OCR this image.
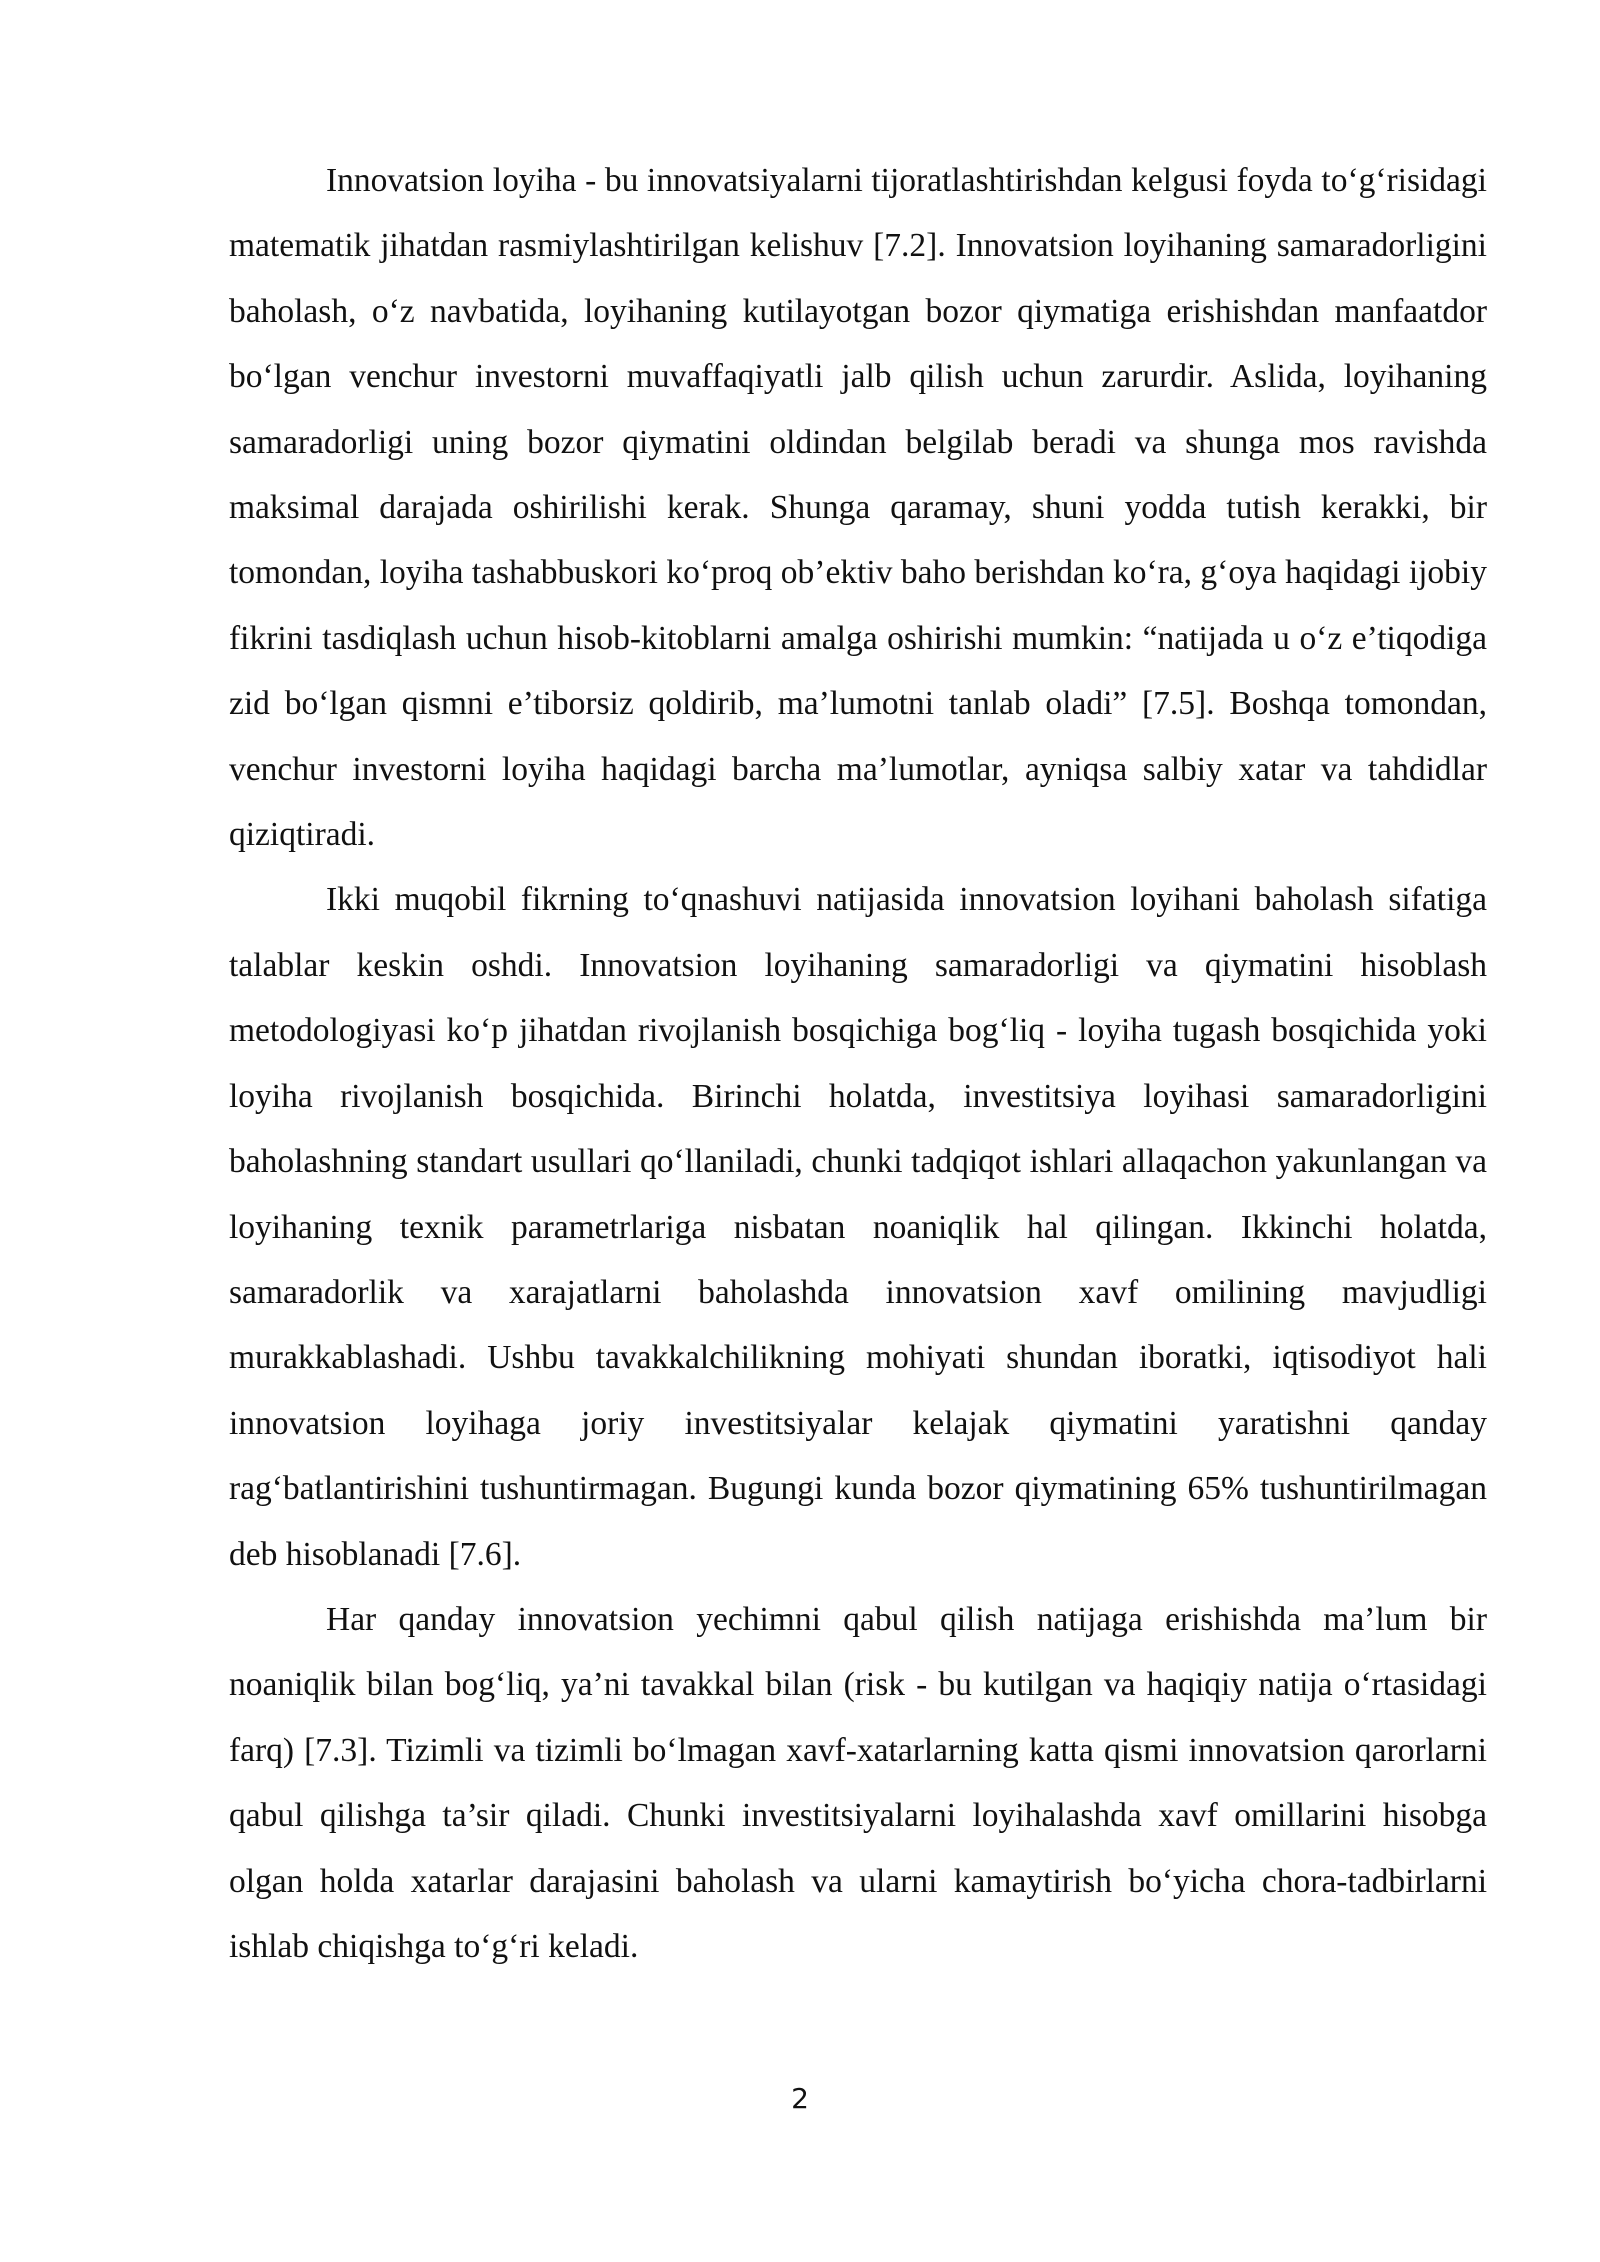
Innovatsion loyiha - bu innovatsiyalarni tijoratlashtirishdan kelgusi foyda to‘g‘risidagi matematik jihatdan rasmiylashtirilgan kelishuv [7.2]. Innovatsion loyihaning samaradorligini baholash, o‘z navbatida, loyihaning kutilayotgan bozor qiymatiga erishishdan manfaatdor bo‘lgan venchur investorni muvaffaqiyatli jalb qilish uchun zarurdir. Aslida, loyihaning samaradorligi uning bozor qiymatini oldindan belgilab beradi va shunga mos ravishda maksimal darajada oshirilishi kerak. Shunga qaramay, shuni yodda tutish kerakki, bir tomondan, loyiha tashabbuskori ko‘proq ob’ektiv baho berishdan ko‘ra, g‘oya haqidagi ijobiy fikrini tasdiqlash uchun hisob-kitoblarni amalga oshirishi mumkin: “natijada u o‘z e’tiqodiga zid bo‘lgan qismni e’tiborsiz qoldirib, ma’lumotni tanlab oladi” [7.5]. Boshqa tomondan, venchur investorni loyiha haqidagi barcha ma’lumotlar, ayniqsa salbiy xatar va tahdidlar qiziqtiradi.

Ikki muqobil fikrning to‘qnashuvi natijasida innovatsion loyihani baholash sifatiga talablar keskin oshdi. Innovatsion loyihaning samaradorligi va qiymatini hisoblash metodologiyasi ko‘p jihatdan rivojlanish bosqichiga bog‘liq - loyiha tugash bosqichida yoki loyiha rivojlanish bosqichida. Birinchi holatda, investitsiya loyihasi samaradorligini baholashning standart usullari qo‘llaniladi, chunki tadqiqot ishlari allaqachon yakunlangan va loyihaning texnik parametrlariga nisbatan noaniqlik hal qilingan. Ikkinchi holatda, samaradorlik va xarajatlarni baholashda innovatsion xavf omilining mavjudligi murakkablashadi. Ushbu tavakkalchilikning mohiyati shundan iboratki, iqtisodiyot hali innovatsion loyihaga joriy investitsiyalar kelajak qiymatini yaratishni qanday rag‘batlantirishini tushuntirmagan. Bugungi kunda bozor qiymatining 65% tushuntirilmagan deb hisoblanadi [7.6].

Har qanday innovatsion yechimni qabul qilish natijaga erishishda ma’lum bir noaniqlik bilan bog‘liq, ya’ni tavakkal bilan (risk - bu kutilgan va haqiqiy natija o‘rtasidagi farq) [7.3]. Tizimli va tizimli bo‘lmagan xavf-xatarlarning katta qismi innovatsion qarorlarni qabul qilishga ta’sir qiladi. Chunki investitsiyalarni loyihalashda xavf omillarini hisobga olgan holda xatarlar darajasini baholash va ularni kamaytirish bo‘yicha chora-tadbirlarni ishlab chiqishga to‘g‘ri keladi.

2
